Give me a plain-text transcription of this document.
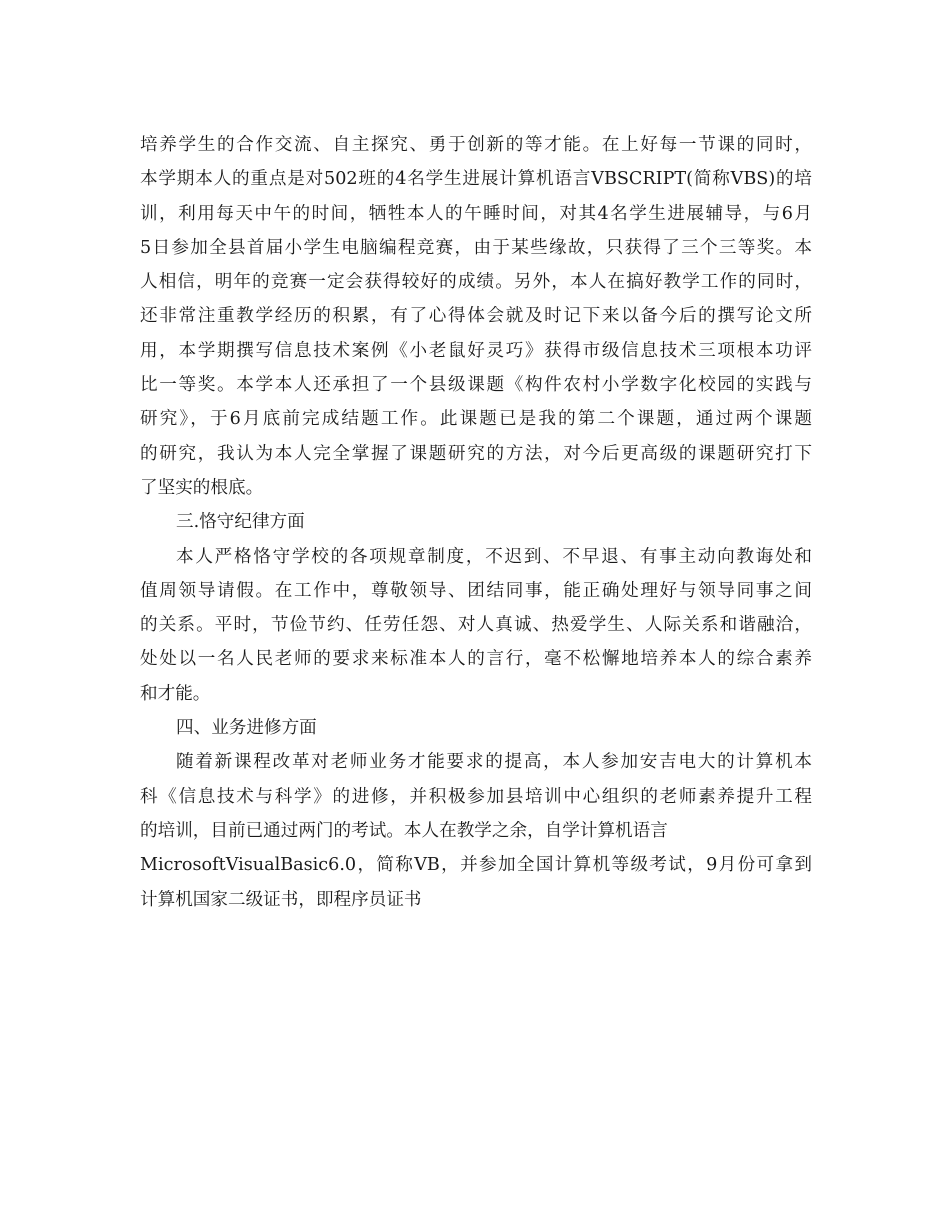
培养学生的合作交流、自主探究、勇于创新的等才能。在上好每一节课的同时，
本学期本人的重点是对502班的4名学生进展计算机语言VBSCRIPT(简称VBS)的培
训，利用每天中午的时间，牺牲本人的午睡时间，对其4名学生进展辅导，与6月
5日参加全县首届小学生电脑编程竞赛，由于某些缘故，只获得了三个三等奖。本
人相信，明年的竞赛一定会获得较好的成绩。另外，本人在搞好教学工作的同时，
还非常注重教学经历的积累，有了心得体会就及时记下来以备今后的撰写论文所
用，本学期撰写信息技术案例《小老鼠好灵巧》获得市级信息技术三项根本功评
比一等奖。本学本人还承担了一个县级课题《构件农村小学数字化校园的实践与
研究》，于6月底前完成结题工作。此课题已是我的第二个课题，通过两个课题
的研究，我认为本人完全掌握了课题研究的方法，对今后更高级的课题研究打下
了坚实的根底。
三.恪守纪律方面
本人严格恪守学校的各项规章制度，不迟到、不早退、有事主动向教诲处和
值周领导请假。在工作中，尊敬领导、团结同事，能正确处理好与领导同事之间
的关系。平时，节俭节约、任劳任怨、对人真诚、热爱学生、人际关系和谐融洽，
处处以一名人民老师的要求来标准本人的言行，毫不松懈地培养本人的综合素养
和才能。
四、业务进修方面
随着新课程改革对老师业务才能要求的提高，本人参加安吉电大的计算机本
科《信息技术与科学》的进修，并积极参加县培训中心组织的老师素养提升工程
的培训，目前已通过两门的考试。本人在教学之余，自学计算机语言
MicrosoftVisualBasic6.0，简称VB，并参加全国计算机等级考试，9月份可拿到
计算机国家二级证书，即程序员证书
